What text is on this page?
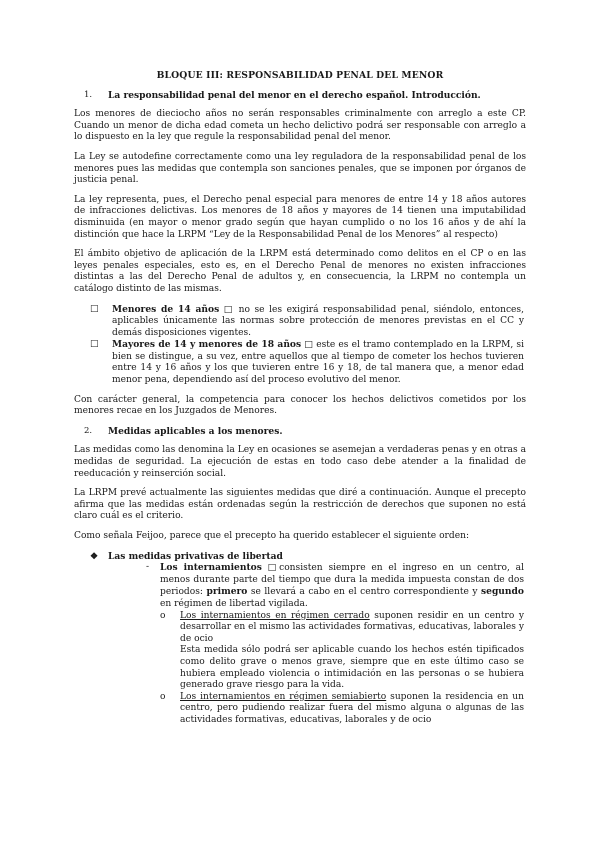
BLOQUE III: RESPONSABILIDAD PENAL DEL MENOR
1.	La responsabilidad penal del menor en el derecho español. Introducción.

Los menores de dieciocho años no serán responsables criminalmente con arreglo a este CP. Cuando un menor de dicha edad cometa un hecho delictivo podrá ser responsable con arreglo a lo dispuesto en la ley que regule la responsabilidad penal del menor.

La Ley se autodefine correctamente como una ley reguladora de la responsabilidad penal de los menores pues las medidas que contempla son sanciones penales, que se imponen por órganos de justicia penal.

La ley representa, pues, el Derecho penal especial para menores de entre 14 y 18 años autores de infracciones delictivas. Los menores de 18 años y mayores de 14 tienen una imputabilidad disminuida (en mayor o menor grado según que hayan cumplido o no los 16 años y de ahí la distinción que hace la LRPM “Ley de la Responsabilidad Penal de los Menores” al respecto)

El ámbito objetivo de aplicación de la LRPM está determinado como delitos en el CP o en las leyes penales especiales, esto es, en el Derecho Penal de menores no existen infracciones distintas a las del Derecho Penal de adultos y, en consecuencia, la LRPM no contempla un catálogo distinto de las mismas.

□	Menores de 14 años □ no se les exigirá responsabilidad penal, siéndolo, entonces, aplicables únicamente las normas sobre protección de menores previstas en el CC y demás disposiciones vigentes.
□	Mayores de 14 y menores de 18 años □ este es el tramo contemplado en la LRPM, si bien se distingue, a su vez, entre aquellos que al tiempo de cometer los hechos tuvieren entre 14 y 16 años y los que tuvieren entre 16 y 18, de tal manera que, a menor edad menor pena, dependiendo así del proceso evolutivo del menor.

Con carácter general, la competencia para conocer los hechos delictivos cometidos por los menores recae en los Juzgados de Menores.

2.	Medidas aplicables a los menores.

Las medidas como las denomina la Ley en ocasiones se asemejan a verdaderas penas y en otras a medidas de seguridad. La ejecución de estas en todo caso debe atender a la finalidad de reeducación y reinserción social.

La LRPM prevé actualmente las siguientes medidas que diré a continuación. Aunque el precepto afirma que las medidas están ordenadas según la restricción de derechos que suponen no está claro cuál es el criterio.

Como señala Feijoo, parece que el precepto ha querido establecer el siguiente orden:

❖	Las medidas privativas de libertad
-	Los internamientos □consisten siempre en el ingreso en un centro, al menos durante parte del tiempo que dura la medida impuesta constan de dos periodos: primero se llevará a cabo en el centro correspondiente y segundo en régimen de libertad vigilada.
o	Los internamientos en régimen cerrado suponen residir en un centro y desarrollar en el mismo las actividades formativas, educativas, laborales y de ocio
Esta medida sólo podrá ser aplicable cuando los hechos estén tipificados como delito grave o menos grave, siempre que en este último caso se hubiera empleado violencia o intimidación en las personas o se hubiera generado grave riesgo para la vida.
o	Los internamientos en régimen semiabierto suponen la residencia en un centro, pero pudiendo realizar fuera del mismo alguna o algunas de las actividades formativas, educativas, laborales y de ocio
